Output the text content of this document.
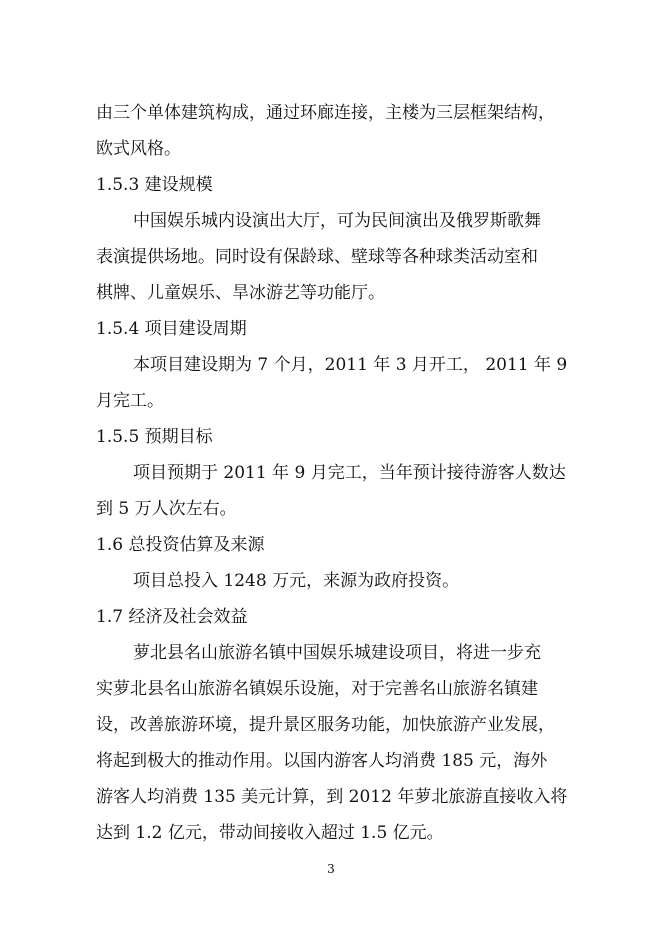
由三个单体建筑构成，通过环廊连接，主楼为三层框架结构，

欧式风格。

1.5.3 建设规模

中国娱乐城内设演出大厅，可为民间演出及俄罗斯歌舞

表演提供场地。同时设有保龄球、壁球等各种球类活动室和

棋牌、儿童娱乐、旱冰游艺等功能厅。

1.5.4 项目建设周期

本项目建设期为 7 个月，2011 年 3 月开工， 2011 年 9

月完工。

1.5.5 预期目标

项目预期于 2011 年 9 月完工，当年预计接待游客人数达

到 5 万人次左右。

1.6 总投资估算及来源

项目总投入 1248 万元，来源为政府投资。

1.7 经济及社会效益

萝北县名山旅游名镇中国娱乐城建设项目，将进一步充

实萝北县名山旅游名镇娱乐设施，对于完善名山旅游名镇建

设，改善旅游环境，提升景区服务功能，加快旅游产业发展，

将起到极大的推动作用。以国内游客人均消费 185 元，海外

游客人均消费 135 美元计算，到 2012 年萝北旅游直接收入将

达到 1.2 亿元，带动间接收入超过 1.5 亿元。

3
